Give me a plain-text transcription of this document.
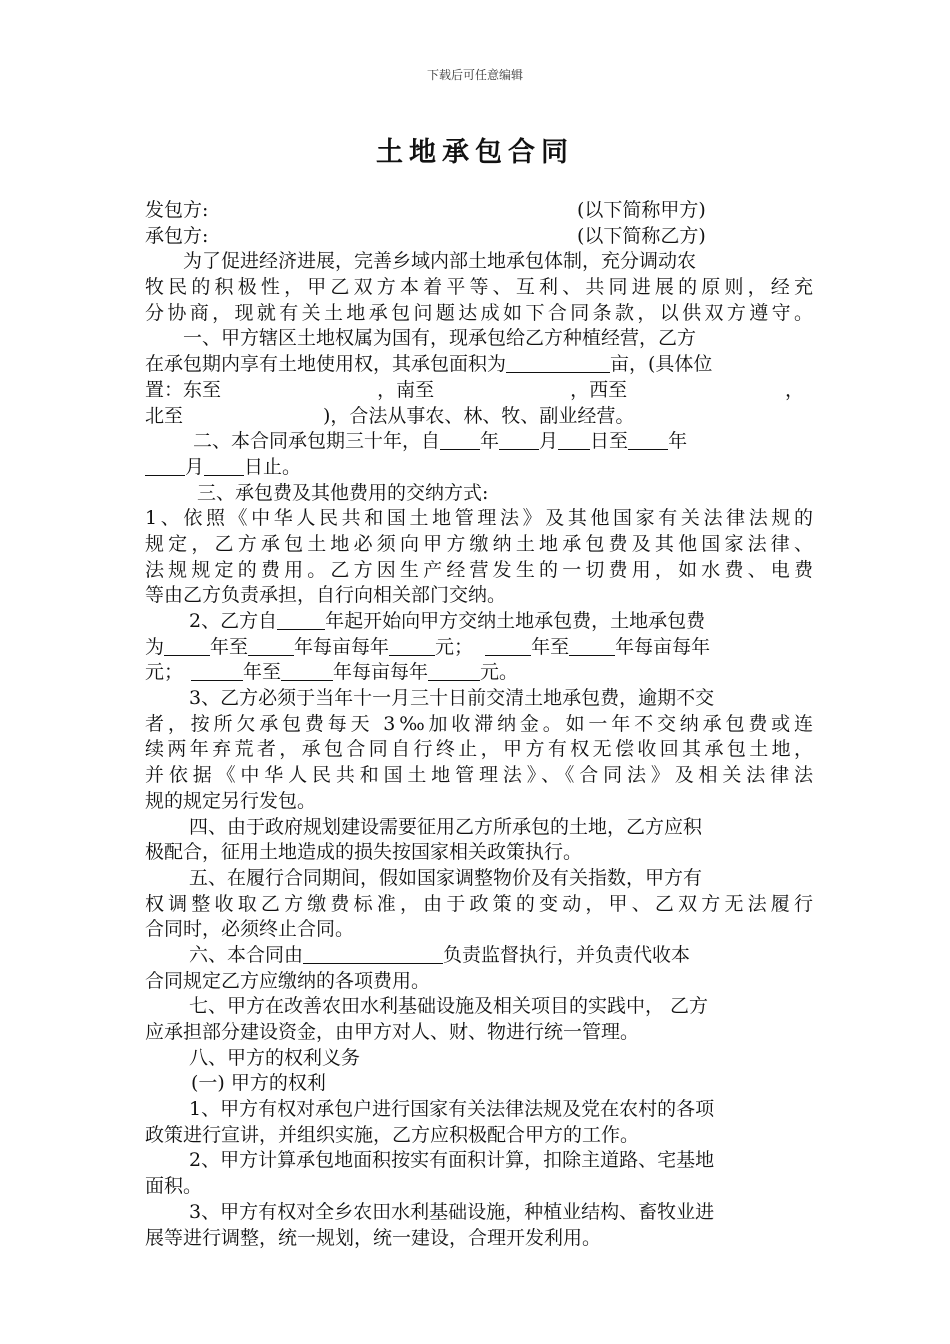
下载后可任意编辑
土地承包合同
发包方:	(以下简称甲方)
承包方:	(以下简称乙方)
为了促进经济进展，完善乡域内部土地承包体制，充分调动农
牧民的积极性，甲乙双方本着平等、互利、共同进展的原则，经充
分协商，现就有关土地承包问题达成如下合同条款，以供双方遵守。
一、甲方辖区土地权属为国有，现承包给乙方种植经营，乙方
在承包期内享有土地使用权，其承包面积为	亩，(具体位
置：东至	，南至	，西至	，
北至	)，合法从事农、林、牧、副业经营。
二、本合同承包期三十年，自 年 月 日至 年
月 日止。
三、承包费及其他费用的交纳方式:
1、依照《中华人民共和国土地管理法》及其他国家有关法律法规的
规定，乙方承包土地必须向甲方缴纳土地承包费及其他国家法律、
法规规定的费用。乙方因生产经营发生的一切费用，如水费、电费
等由乙方负责承担，自行向相关部门交纳。
2、乙方自	年起开始向甲方交纳土地承包费，土地承包费
为 年至 年每亩每年 元；	年至 年每亩每年
元；	年至	年每亩每年	元。
3、乙方必须于当年十一月三十日前交清土地承包费，逾期不交
者，按所欠承包费每天 3‰加收滞纳金。如一年不交纳承包费或连
续两年弃荒者，承包合同自行终止，甲方有权无偿收回其承包土地，
并依据《中华人民共和国土地管理法》、《合同法》及相关法律法
规的规定另行发包。
四、由于政府规划建设需要征用乙方所承包的土地，乙方应积
极配合，征用土地造成的损失按国家相关政策执行。
五、在履行合同期间，假如国家调整物价及有关指数，甲方有
权调整收取乙方缴费标准，由于政策的变动，甲、乙双方无法履行
合同时，必须终止合同。
六、本合同由	负责监督执行，并负责代收本
合同规定乙方应缴纳的各项费用。
七、甲方在改善农田水利基础设施及相关项目的实践中， 乙方
应承担部分建设资金，由甲方对人、财、物进行统一管理。
八、甲方的权利义务
(一) 甲方的权利
1、甲方有权对承包户进行国家有关法律法规及党在农村的各项
政策进行宣讲，并组织实施，乙方应积极配合甲方的工作。
2、甲方计算承包地面积按实有面积计算，扣除主道路、宅基地
面积。
3、甲方有权对全乡农田水利基础设施，种植业结构、畜牧业进
展等进行调整，统一规划，统一建设，合理开发利用。
